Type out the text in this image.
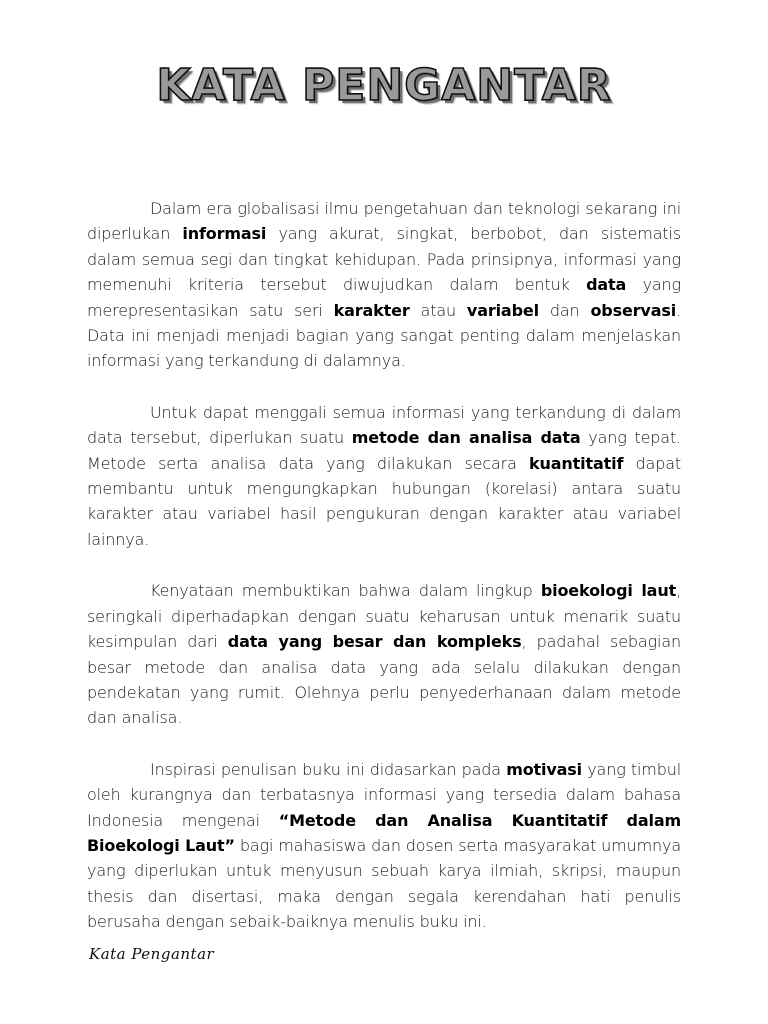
KATA PENGANTAR

Dalam era globalisasi ilmu pengetahuan dan teknologi sekarang ini diperlukan informasi yang akurat, singkat, berbobot, dan sistematis dalam semua segi dan tingkat kehidupan. Pada prinsipnya, informasi yang memenuhi kriteria tersebut diwujudkan dalam bentuk data yang merepresentasikan satu seri karakter atau variabel dan observasi. Data ini menjadi menjadi bagian yang sangat penting dalam menjelaskan informasi yang terkandung di dalamnya.

Untuk dapat menggali semua informasi yang terkandung di dalam data tersebut, diperlukan suatu metode dan analisa data yang tepat. Metode serta analisa data yang dilakukan secara kuantitatif dapat membantu untuk mengungkapkan hubungan (korelasi) antara suatu karakter atau variabel hasil pengukuran dengan karakter atau variabel lainnya.

Kenyataan membuktikan bahwa dalam lingkup bioekologi laut, seringkali diperhadapkan dengan suatu keharusan untuk menarik suatu kesimpulan dari data yang besar dan kompleks, padahal sebagian besar metode dan analisa data yang ada selalu dilakukan dengan pendekatan yang rumit. Olehnya perlu penyederhanaan dalam metode dan analisa.

Inspirasi penulisan buku ini didasarkan pada motivasi yang timbul oleh kurangnya dan terbatasnya informasi yang tersedia dalam bahasa Indonesia mengenai “Metode dan Analisa Kuantitatif dalam Bioekologi Laut” bagi mahasiswa dan dosen serta masyarakat umumnya yang diperlukan untuk menyusun sebuah karya ilmiah, skripsi, maupun thesis dan disertasi, maka dengan segala kerendahan hati penulis berusaha dengan sebaik-baiknya menulis buku ini.

Kata Pengantar
